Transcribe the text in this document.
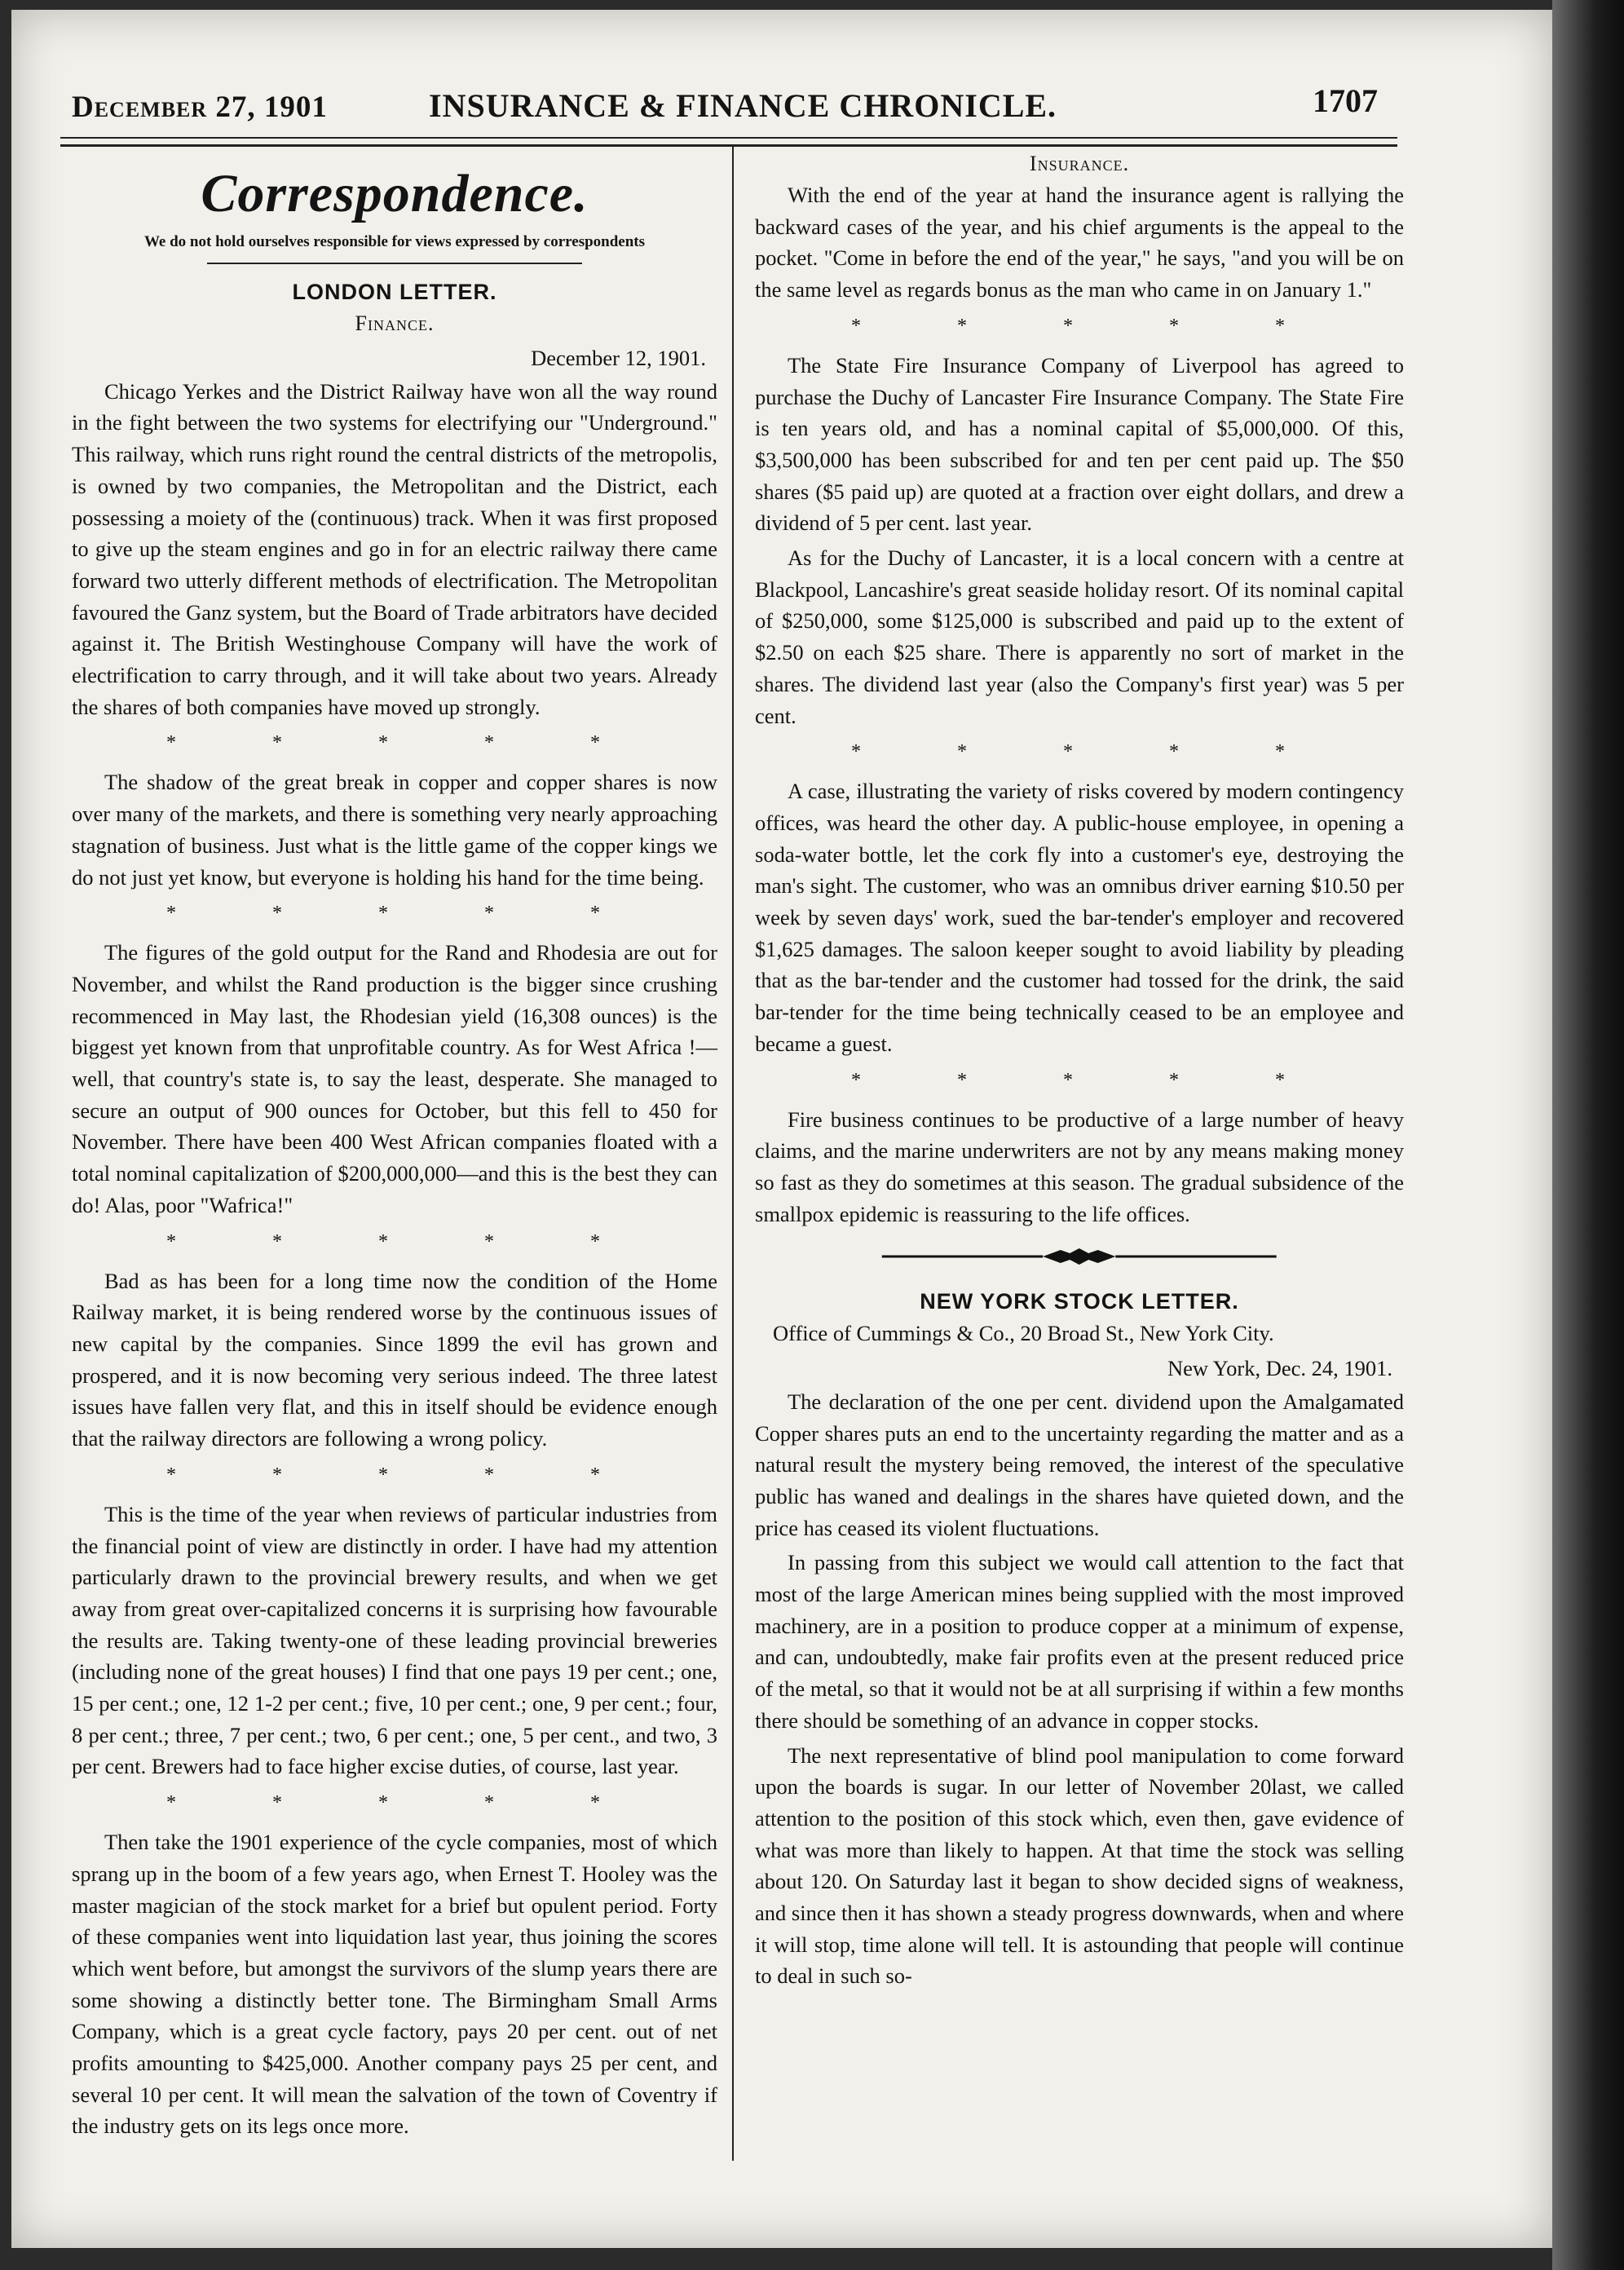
December 27, 1901	INSURANCE & FINANCE CHRONICLE.	1707
Correspondence.
We do not hold ourselves responsible for views expressed by correspondents
LONDON LETTER.
Finance.
December 12, 1901.

Chicago Yerkes and the District Railway have won all the way round in the fight between the two systems for electrifying our "Underground." This railway, which runs right round the central districts of the metropolis, is owned by two companies, the Metropolitan and the District, each possessing a moiety of the (continuous) track. When it was first proposed to give up the steam engines and go in for an electric railway there came forward two utterly different methods of electrification. The Metropolitan favoured the Ganz system, but the Board of Trade arbitrators have decided against it. The British Westinghouse Company will have the work of electrification to carry through, and it will take about two years. Already the shares of both companies have moved up strongly.

* * * * *

The shadow of the great break in copper and copper shares is now over many of the markets, and there is something very nearly approaching stagnation of business. Just what is the little game of the copper kings we do not just yet know, but everyone is holding his hand for the time being.

* * * * *

The figures of the gold output for the Rand and Rhodesia are out for November, and whilst the Rand production is the bigger since crushing recommenced in May last, the Rhodesian yield (16,308 ounces) is the biggest yet known from that unprofitable country. As for West Africa !—well, that country's state is, to say the least, desperate. She managed to secure an output of 900 ounces for October, but this fell to 450 for November. There have been 400 West African companies floated with a total nominal capitalization of $200,000,000—and this is the best they can do! Alas, poor "Wafrica!"

* * * * *

Bad as has been for a long time now the condition of the Home Railway market, it is being rendered worse by the continuous issues of new capital by the companies. Since 1899 the evil has grown and prospered, and it is now becoming very serious indeed. The three latest issues have fallen very flat, and this in itself should be evidence enough that the railway directors are following a wrong policy.

* * * * *

This is the time of the year when reviews of particular industries from the financial point of view are distinctly in order. I have had my attention particularly drawn to the provincial brewery results, and when we get away from great over-capitalized concerns it is surprising how favourable the results are. Taking twenty-one of these leading provincial breweries (including none of the great houses) I find that one pays 19 per cent.; one, 15 per cent.; one, 12 1-2 per cent.; five, 10 per cent.; one, 9 per cent.; four, 8 per cent.; three, 7 per cent.; two, 6 per cent.; one, 5 per cent., and two, 3 per cent. Brewers had to face higher excise duties, of course, last year.

* * * * *

Then take the 1901 experience of the cycle companies, most of which sprang up in the boom of a few years ago, when Ernest T. Hooley was the master magician of the stock market for a brief but opulent period. Forty of these companies went into liquidation last year, thus joining the scores which went before, but amongst the survivors of the slump years there are some showing a distinctly better tone. The Birmingham Small Arms Company, which is a great cycle factory, pays 20 per cent. out of net profits amounting to $425,000. Another company pays 25 per cent, and several 10 per cent. It will mean the salvation of the town of Coventry if the industry gets on its legs once more.

Insurance.

With the end of the year at hand the insurance agent is rallying the backward cases of the year, and his chief arguments is the appeal to the pocket. "Come in before the end of the year," he says, "and you will be on the same level as regards bonus as the man who came in on January 1."

* * * * *

The State Fire Insurance Company of Liverpool has agreed to purchase the Duchy of Lancaster Fire Insurance Company. The State Fire is ten years old, and has a nominal capital of $5,000,000. Of this, $3,500,000 has been subscribed for and ten per cent paid up. The $50 shares ($5 paid up) are quoted at a fraction over eight dollars, and drew a dividend of 5 per cent. last year.

As for the Duchy of Lancaster, it is a local concern with a centre at Blackpool, Lancashire's great seaside holiday resort. Of its nominal capital of $250,000, some $125,000 is subscribed and paid up to the extent of $2.50 on each $25 share. There is apparently no sort of market in the shares. The dividend last year (also the Company's first year) was 5 per cent.

* * * * *

A case, illustrating the variety of risks covered by modern contingency offices, was heard the other day. A public-house employee, in opening a soda-water bottle, let the cork fly into a customer's eye, destroying the man's sight. The customer, who was an omnibus driver earning $10.50 per week by seven days' work, sued the bar-tender's employer and recovered $1,625 damages. The saloon keeper sought to avoid liability by pleading that as the bar-tender and the customer had tossed for the drink, the said bar-tender for the time being technically ceased to be an employee and became a guest.

* * * * *

Fire business continues to be productive of a large number of heavy claims, and the marine underwriters are not by any means making money so fast as they do sometimes at this season. The gradual subsidence of the smallpox epidemic is reassuring to the life offices.

NEW YORK STOCK LETTER.

Office of Cummings & Co., 20 Broad St., New York City.

New York, Dec. 24, 1901.

The declaration of the one per cent. dividend upon the Amalgamated Copper shares puts an end to the uncertainty regarding the matter and as a natural result the mystery being removed, the interest of the speculative public has waned and dealings in the shares have quieted down, and the price has ceased its violent fluctuations.

In passing from this subject we would call attention to the fact that most of the large American mines being supplied with the most improved machinery, are in a position to produce copper at a minimum of expense, and can, undoubtedly, make fair profits even at the present reduced price of the metal, so that it would not be at all surprising if within a few months there should be something of an advance in copper stocks.

The next representative of blind pool manipulation to come forward upon the boards is sugar. In our letter of November 20last, we called attention to the position of this stock which, even then, gave evidence of what was more than likely to happen. At that time the stock was selling about 120. On Saturday last it began to show decided signs of weakness, and since then it has shown a steady progress downwards, when and where it will stop, time alone will tell. It is astounding that people will continue to deal in such so-
